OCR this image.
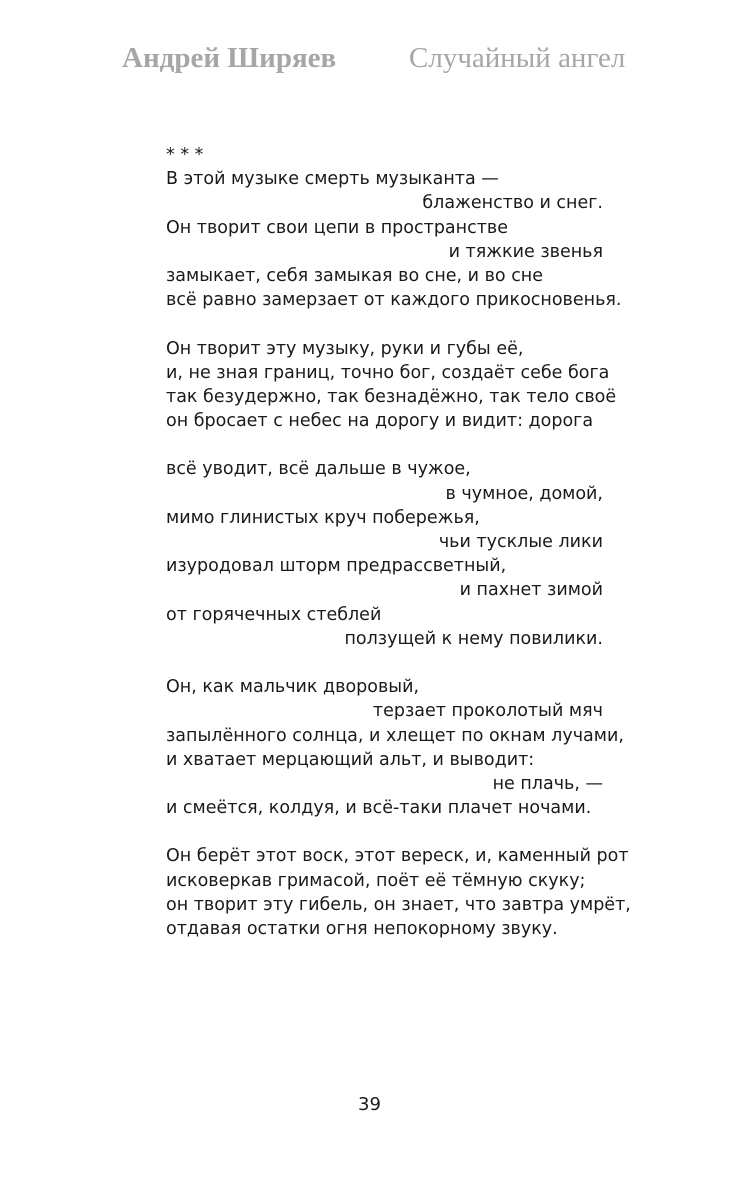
Андрей Ширяев	Случайный ангел
* * *
В этой музыке смерть музыканта —
блаженство и снег.
Он творит свои цепи в пространстве
и тяжкие звенья
замыкает, себя замыкая во сне, и во сне
всё равно замерзает от каждого прикосновенья.
Он творит эту музыку, руки и губы её,
и, не зная границ, точно бог, создаёт себе бога
так безудержно, так безнадёжно, так тело своё
он бросает с небес на дорогу и видит: дорога
всё уводит, всё дальше в чужое,
в чумное, домой,
мимо глинистых круч побережья,
чьи тусклые лики
изуродовал шторм предрассветный,
и пахнет зимой
от горячечных стеблей
ползущей к нему повилики.
Он, как мальчик дворовый,
терзает проколотый мяч
запылённого солнца, и хлещет по окнам лучами,
и хватает мерцающий альт, и выводит:
не плачь, —
и смеётся, колдуя, и всё-таки плачет ночами.
Он берёт этот воск, этот вереск, и, каменный рот
исковеркав гримасой, поёт её тёмную скуку;
он творит эту гибель, он знает, что завтра умрёт,
отдавая остатки огня непокорному звуку.
39
